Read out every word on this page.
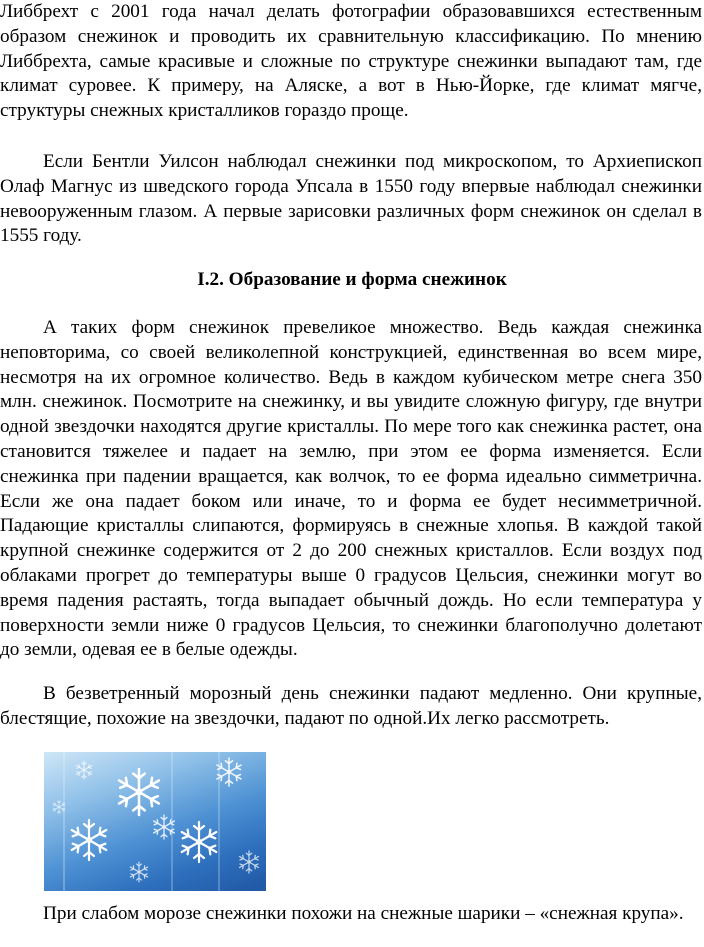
Либбрехт с 2001 года начал делать фотографии образовавшихся естественным образом снежинок и проводить их сравнительную классификацию. По мнению Либбрехта, самые красивые и сложные по структуре снежинки выпадают там, где климат суровее. К примеру, на Аляске, а вот в Нью-Йорке, где климат мягче, структуры снежных кристалликов гораздо проще.

Если Бентли Уилсон наблюдал снежинки под микроскопом, то Архиепископ Олаф Магнус из шведского города Упсала в 1550 году впервые наблюдал снежинки невооруженным глазом. А первые зарисовки различных форм снежинок он сделал в 1555 году.

I.2. Образование и форма снежинок

А таких форм снежинок превеликое множество. Ведь каждая снежинка неповторима, со своей великолепной конструкцией, единственная во всем мире, несмотря на их огромное количество. Ведь в каждом кубическом метре снега 350 млн. снежинок. Посмотрите на снежинку, и вы увидите сложную фигуру, где внутри одной звездочки находятся другие кристаллы. По мере того как снежинка растет, она становится тяжелее и падает на землю, при этом ее форма изменяется. Если снежинка при падении вращается, как волчок, то ее форма идеально симметрична. Если же она падает боком или иначе, то и форма ее будет несимметричной. Падающие кристаллы слипаются, формируясь в снежные хлопья. В каждой такой крупной снежинке содержится от 2 до 200 снежных кристаллов. Если воздух под облаками прогрет до температуры выше 0 градусов Цельсия, снежинки могут во время падения растаять, тогда выпадает обычный дождь. Но если температура у поверхности земли ниже 0 градусов Цельсия, то снежинки благополучно долетают до земли, одевая ее в белые одежды.

В безветренный морозный день снежинки падают медленно. Они крупные, блестящие, похожие на звездочки, падают по одной.Их легко рассмотреть.

При слабом морозе снежинки похожи на снежные шарики – «снежная крупа».
